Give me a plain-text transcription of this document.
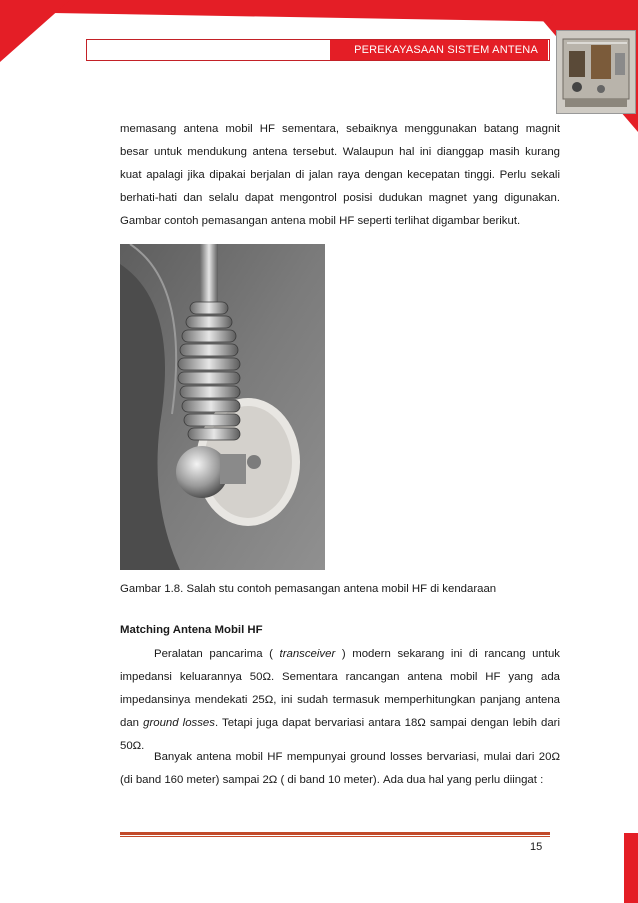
PEREKAYASAAN SISTEM ANTENA

memasang antena mobil HF sementara, sebaiknya menggunakan batang magnit besar untuk mendukung antena tersebut. Walaupun hal ini dianggap masih kurang kuat apalagi jika dipakai berjalan di jalan raya dengan kecepatan tinggi. Perlu sekali berhati-hati dan selalu dapat mengontrol posisi dudukan magnet yang digunakan. Gambar contoh pemasangan antena mobil HF seperti terlihat digambar berikut.

Gambar 1.8. Salah stu contoh pemasangan antena mobil HF di kendaraan

Matching Antena Mobil HF

Peralatan pancarima ( transceiver ) modern sekarang ini di rancang untuk impedansi keluarannya 50Ω. Sementara rancangan antena mobil HF yang ada impedansinya mendekati 25Ω, ini sudah termasuk memperhitungkan panjang antena dan ground losses. Tetapi juga dapat bervariasi antara 18Ω sampai dengan lebih dari 50Ω.

Banyak antena mobil HF mempunyai ground losses bervariasi, mulai dari 20Ω (di band 160 meter) sampai 2Ω ( di band 10 meter). Ada dua hal yang perlu diingat :

15
